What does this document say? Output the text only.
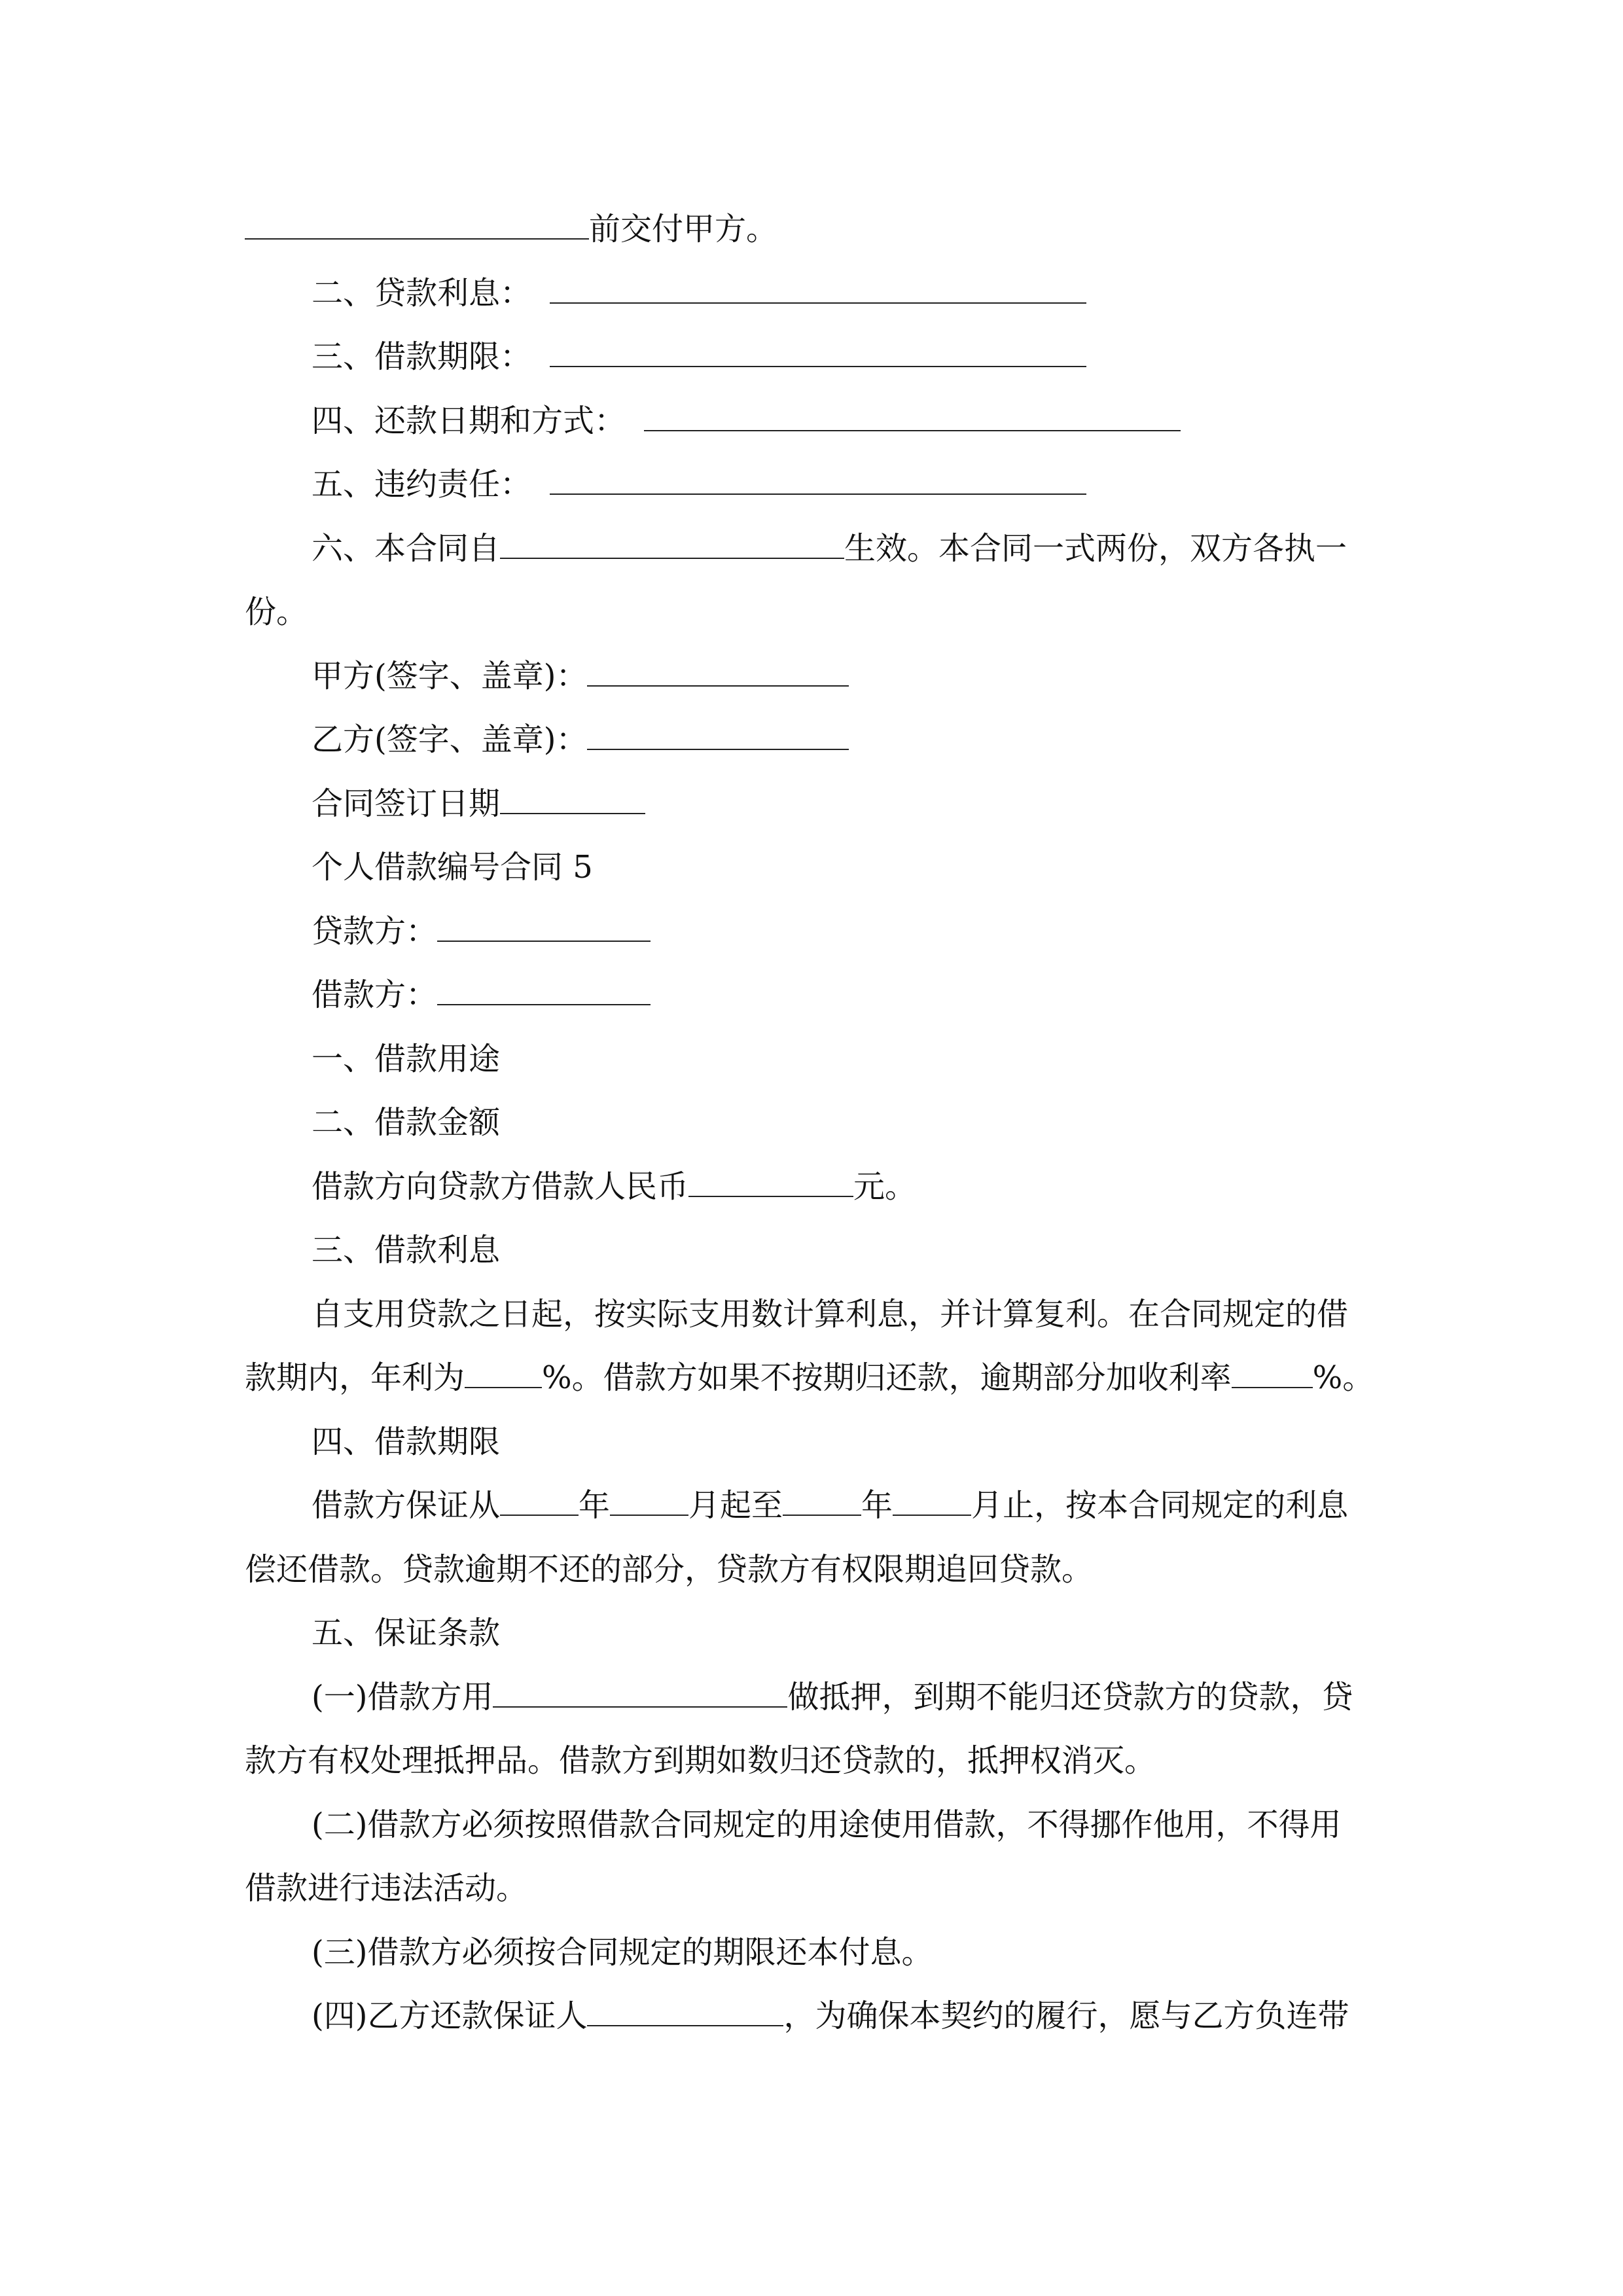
前交付甲方。
二、贷款利息：
三、借款期限：
四、还款日期和方式：
五、违约责任：
六、本合同自	生效。本合同一式两份，双方各执一
份。
甲方(签字、盖章)：
乙方(签字、盖章)：
合同签订日期
个人借款编号合同 5
贷款方：
借款方：
一、借款用途
二、借款金额
借款方向贷款方借款人民币	元。
三、借款利息
自支用贷款之日起，按实际支用数计算利息，并计算复利。在合同规定的借
款期内，年利为 %。借款方如果不按期归还款，逾期部分加收利率	%。
四、借款期限
借款方保证从	年	月起至	年	月止，按本合同规定的利息
偿还借款。贷款逾期不还的部分，贷款方有权限期追回贷款。
五、保证条款
(一)借款方用	做抵押，到期不能归还贷款方的贷款，贷
款方有权处理抵押品。借款方到期如数归还贷款的，抵押权消灭。
(二)借款方必须按照借款合同规定的用途使用借款，不得挪作他用，不得用
借款进行违法活动。
(三)借款方必须按合同规定的期限还本付息。
(四)乙方还款保证人	，为确保本契约的履行，愿与乙方负连带
